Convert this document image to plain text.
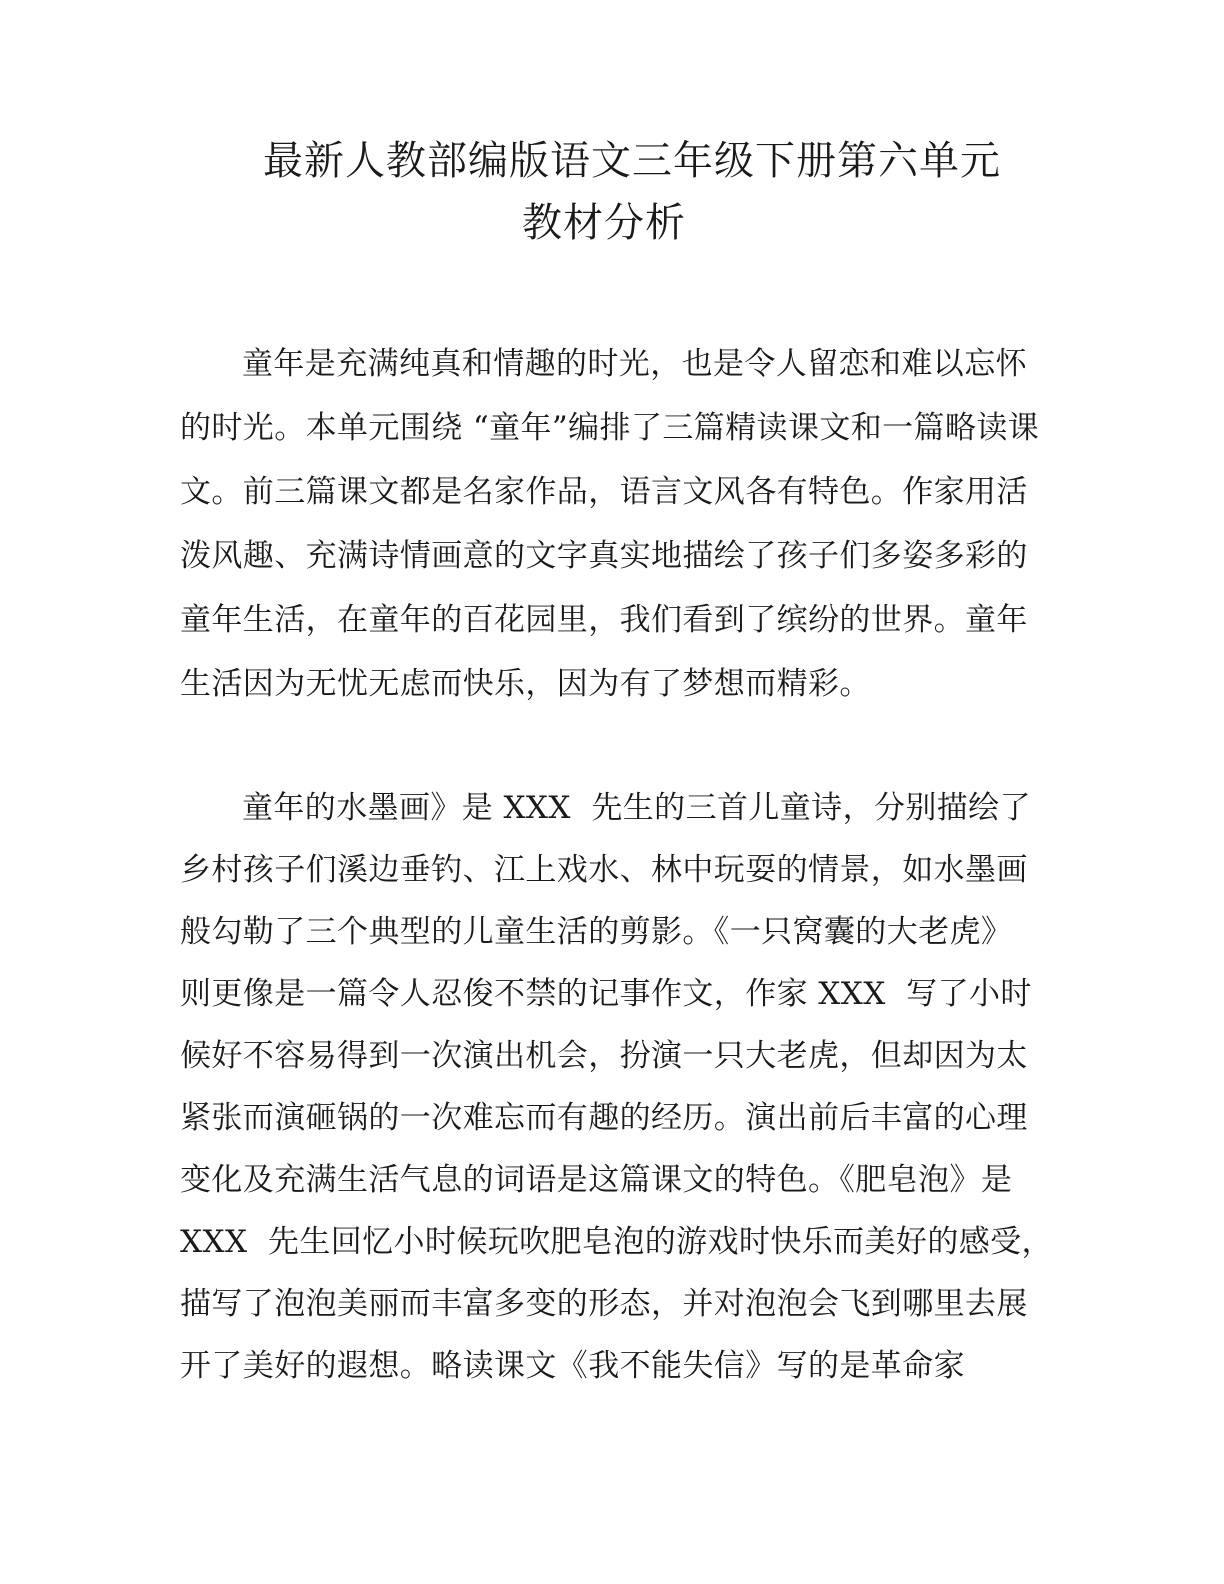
最新人教部编版语文三年级下册第六单元
教材分析
童年是充满纯真和情趣的时光，也是令人留恋和难以忘怀
的时光。本单元围绕 “童年”编排了三篇精读课文和一篇略读课
文。前三篇课文都是名家作品，语言文风各有特色。作家用活
泼风趣、充满诗情画意的文字真实地描绘了孩子们多姿多彩的
童年生活，在童年的百花园里，我们看到了缤纷的世界。童年
生活因为无忧无虑而快乐，因为有了梦想而精彩。
童年的水墨画》是 XXX  先生的三首儿童诗，分别描绘了
乡村孩子们溪边垂钓、江上戏水、林中玩耍的情景，如水墨画
般勾勒了三个典型的儿童生活的剪影。《一只窝囊的大老虎》
则更像是一篇令人忍俊不禁的记事作文，作家 XXX  写了小时
候好不容易得到一次演出机会，扮演一只大老虎，但却因为太
紧张而演砸锅的一次难忘而有趣的经历。演出前后丰富的心理
变化及充满生活气息的词语是这篇课文的特色。《肥皂泡》是
XXX  先生回忆小时候玩吹肥皂泡的游戏时快乐而美好的感受，
描写了泡泡美丽而丰富多变的形态，并对泡泡会飞到哪里去展
开了美好的遐想。略读课文《我不能失信》写的是革命家
